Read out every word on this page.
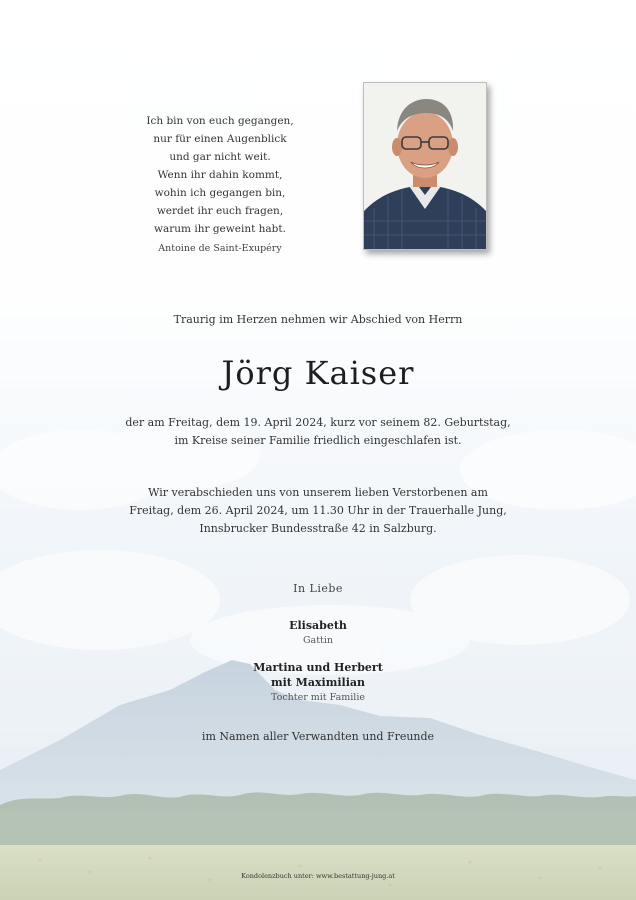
Ich bin von euch gegangen,
nur für einen Augenblick
und gar nicht weit.
Wenn ihr dahin kommt,
wohin ich gegangen bin,
werdet ihr euch fragen,
warum ihr geweint habt.
Antoine de Saint-Exupéry
Traurig im Herzen nehmen wir Abschied von Herrn
Jörg Kaiser
der am Freitag, dem 19. April 2024, kurz vor seinem 82. Geburtstag,
im Kreise seiner Familie friedlich eingeschlafen ist.
Wir verabschieden uns von unserem lieben Verstorbenen am
Freitag, dem 26. April 2024, um 11.30 Uhr in der Trauerhalle Jung,
Innsbrucker Bundesstraße 42 in Salzburg.
In Liebe
Elisabeth
Gattin
Martina und Herbert
mit Maximilian
Tochter mit Familie
im Namen aller Verwandten und Freunde
Kondolenzbuch unter: www.bestattung-jung.at
